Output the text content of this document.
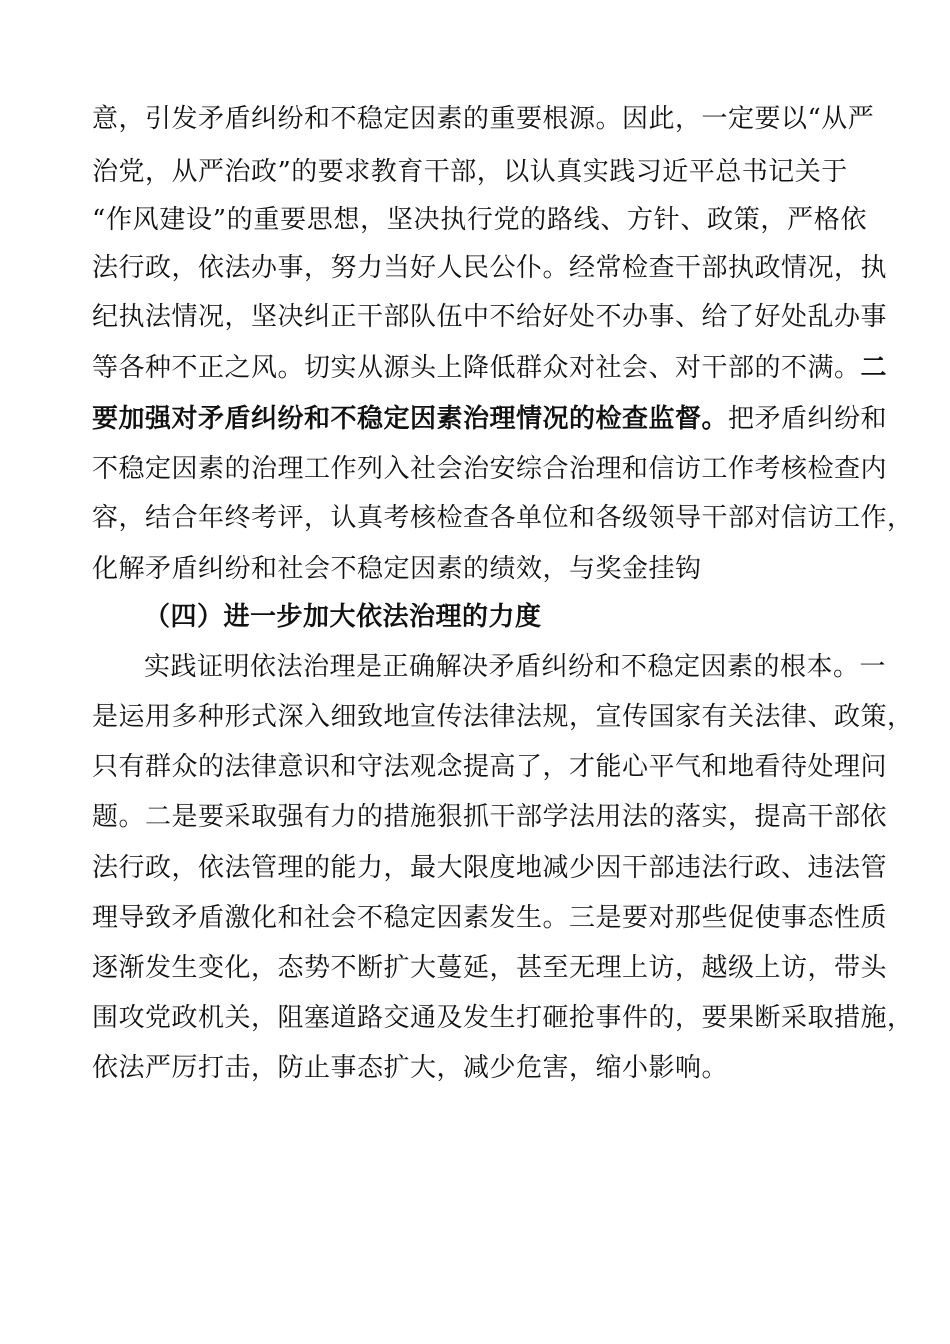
意，引发矛盾纠纷和不稳定因素的重要根源。因此，一定要以“从严
治党，从严治政”的要求教育干部，以认真实践习近平总书记关于
“作风建设”的重要思想，坚决执行党的路线、方针、政策，严格依
法行政，依法办事，努力当好人民公仆。经常检查干部执政情况，执
纪执法情况，坚决纠正干部队伍中不给好处不办事、给了好处乱办事
等各种不正之风。切实从源头上降低群众对社会、对干部的不满。二
要加强对矛盾纠纷和不稳定因素治理情况的检查监督。把矛盾纠纷和
不稳定因素的治理工作列入社会治安综合治理和信访工作考核检查内
容，结合年终考评，认真考核检查各单位和各级领导干部对信访工作，
化解矛盾纠纷和社会不稳定因素的绩效，与奖金挂钩
（四）进一步加大依法治理的力度
实践证明依法治理是正确解决矛盾纠纷和不稳定因素的根本。一
是运用多种形式深入细致地宣传法律法规，宣传国家有关法律、政策，
只有群众的法律意识和守法观念提高了，才能心平气和地看待处理问
题。二是要采取强有力的措施狠抓干部学法用法的落实，提高干部依
法行政，依法管理的能力，最大限度地减少因干部违法行政、违法管
理导致矛盾激化和社会不稳定因素发生。三是要对那些促使事态性质
逐渐发生变化，态势不断扩大蔓延，甚至无理上访，越级上访，带头
围攻党政机关，阻塞道路交通及发生打砸抢事件的，要果断采取措施，
依法严厉打击，防止事态扩大，减少危害，缩小影响。
